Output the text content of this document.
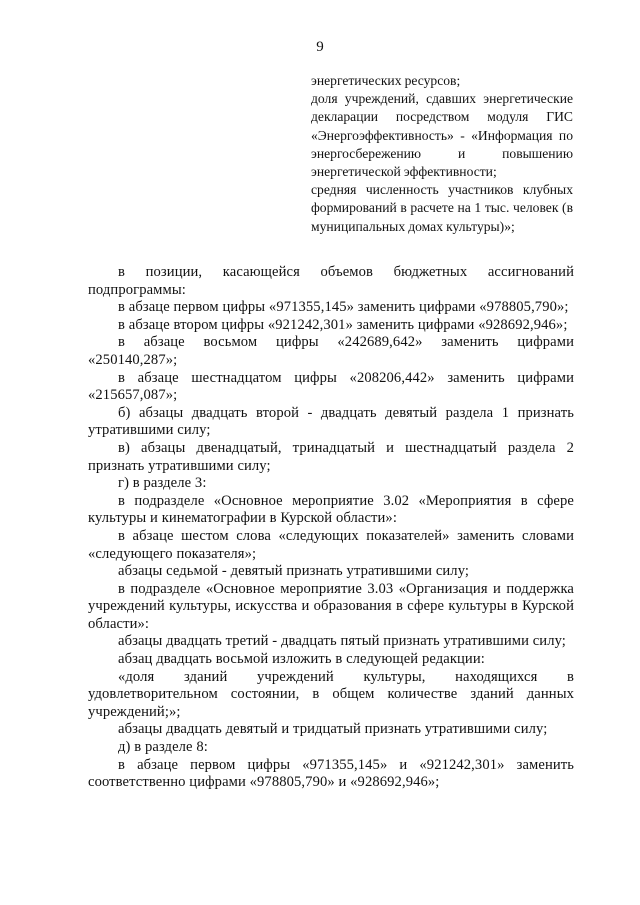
9
энергетических ресурсов;
доля учреждений, сдавших энергетические декларации посредством модуля ГИС «Энергоэффективность» - «Информация по энергосбережению и повышению энергетической эффективности;
средняя численность участников клубных формирований в расчете на 1 тыс. человек (в муниципальных домах культуры)»;

в позиции, касающейся объемов бюджетных ассигнований подпрограммы:

в абзаце первом цифры «971355,145» заменить цифрами «978805,790»;

в абзаце втором цифры «921242,301» заменить цифрами «928692,946»;

в абзаце восьмом цифры «242689,642» заменить цифрами «250140,287»;

в абзаце шестнадцатом цифры «208206,442» заменить цифрами «215657,087»;

б) абзацы двадцать второй - двадцать девятый раздела 1 признать утратившими силу;

в) абзацы двенадцатый, тринадцатый и шестнадцатый раздела 2 признать утратившими силу;

г) в разделе 3:

в подразделе «Основное мероприятие 3.02 «Мероприятия в сфере культуры и кинематографии в Курской области»:

в абзаце шестом слова «следующих показателей» заменить словами «следующего показателя»;

абзацы седьмой - девятый признать утратившими силу;

в подразделе «Основное мероприятие 3.03 «Организация и поддержка учреждений культуры, искусства и образования в сфере культуры в Курской области»:

абзацы двадцать третий - двадцать пятый признать утратившими силу;

абзац двадцать восьмой изложить в следующей редакции:

«доля зданий учреждений культуры, находящихся в удовлетворительном состоянии, в общем количестве зданий данных учреждений;»;

абзацы двадцать девятый и тридцатый признать утратившими силу;

д) в разделе 8:

в абзаце первом цифры «971355,145» и «921242,301» заменить соответственно цифрами «978805,790» и «928692,946»;
